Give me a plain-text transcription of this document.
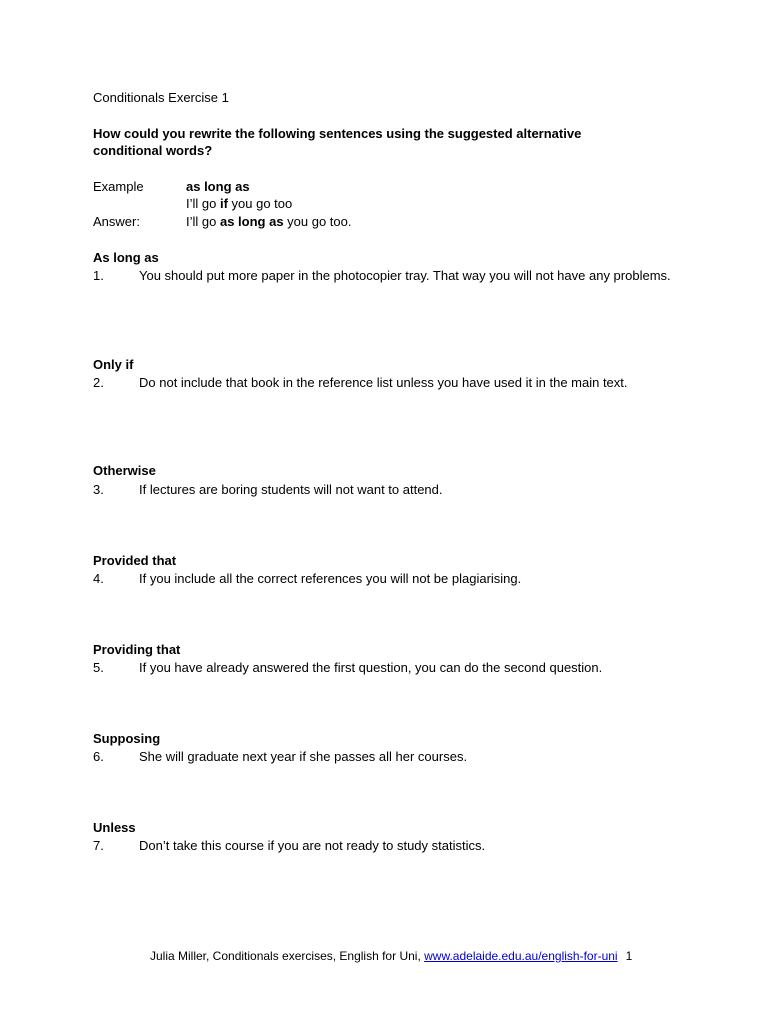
Conditionals Exercise 1
How could you rewrite the following sentences using the suggested alternative conditional words?
Example	as long as
I’ll go if you go too
Answer:	I’ll go as long as you go too.
As long as
1.	You should put more paper in the photocopier tray. That way you will not have any problems.
Only if
2.	Do not include that book in the reference list unless you have used it in the main text.
Otherwise
3.	If lectures are boring students will not want to attend.
Provided that
4.	If you include all the correct references you will not be plagiarising.
Providing that
5.	If you have already answered the first question, you can do the second question.
Supposing
6.	She will graduate next year if she passes all her courses.
Unless
7.	Don’t take this course if you are not ready to study statistics.
Julia Miller, Conditionals exercises, English for Uni, www.adelaide.edu.au/english-for-uni 1
